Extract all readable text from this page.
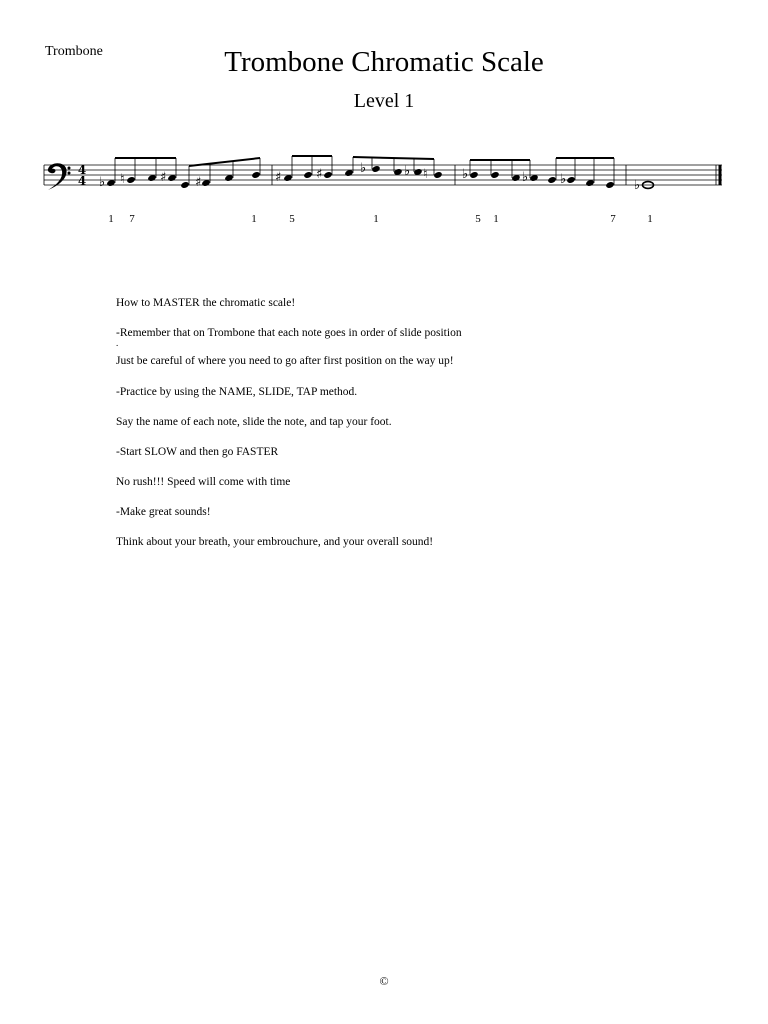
Trombone	Trombone Chromatic Scale
Level 1
4
4 ♭ ♮	♯ ♯	♯	♯	♭	♭ ♮	♭	♭ ♭	♭
1 7	1	5	1	5 1	7	1

How to MASTER the chromatic scale!

-Remember that on Trombone that each note goes in order of slide position

.

Just be careful of where you need to go after first position on the way up!

-Practice by using the NAME, SLIDE, TAP method.

Say the name of each note, slide the note, and tap your foot.

-Start SLOW and then go FASTER

No rush!!! Speed will come with time

-Make great sounds!

Think about your breath, your embrouchure, and your overall sound!

©
